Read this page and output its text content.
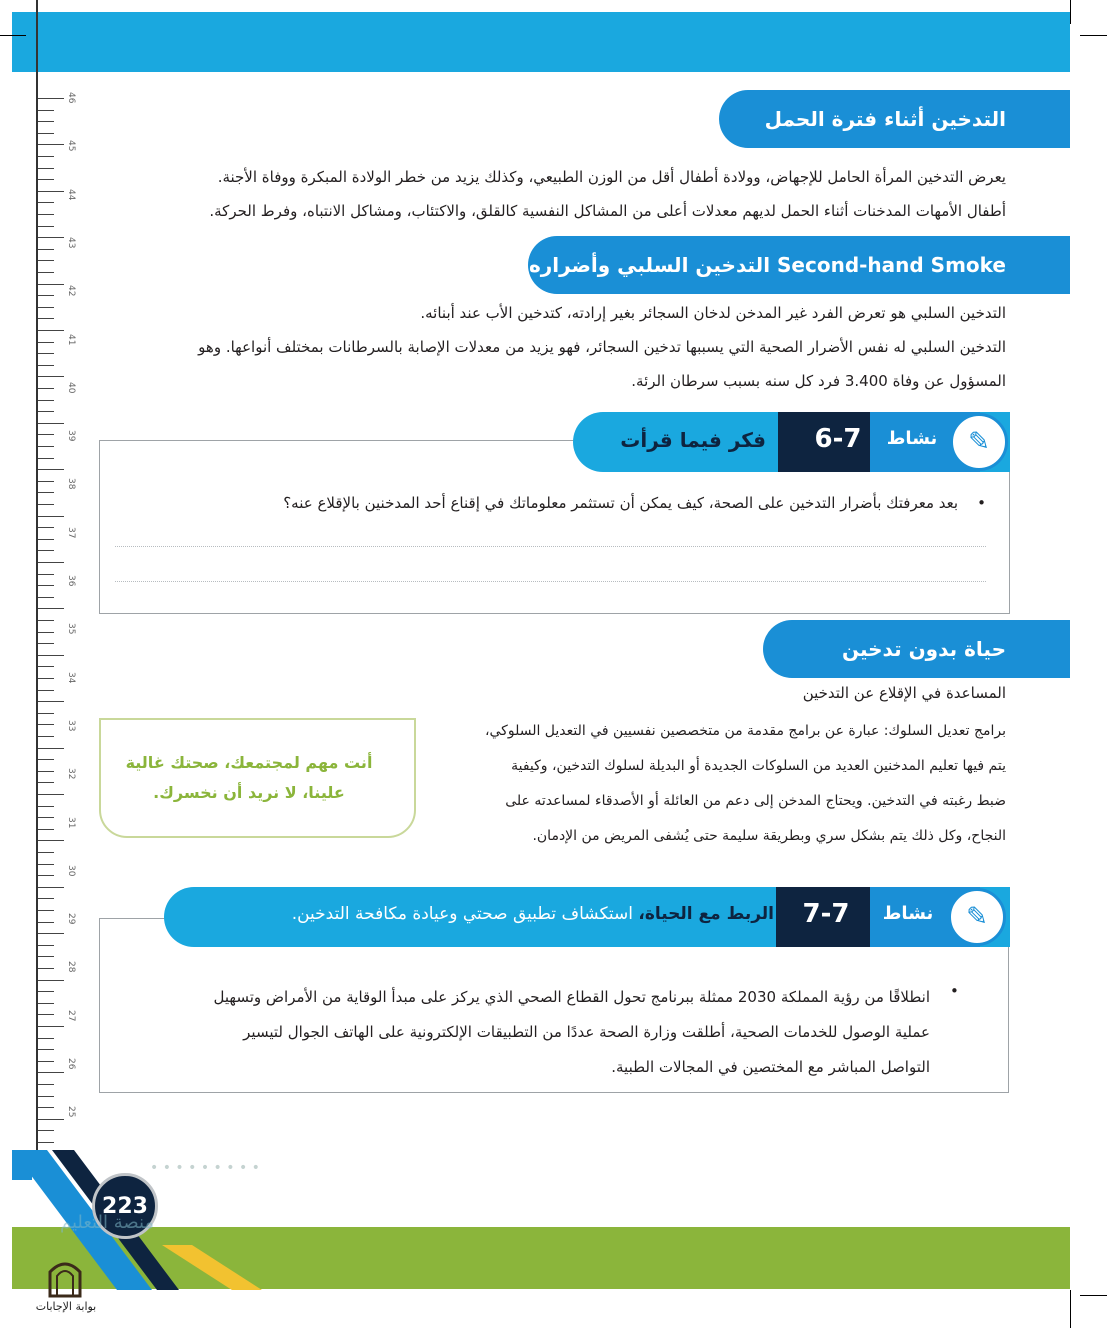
46
45
44
43
42
41
40
39
38
37
36
35
34
33
32
31
30
29
28
27
26
25
التدخين أثناء فترة الحمل
يعرض التدخين المرأة الحامل للإجهاض، وولادة أطفال أقل من الوزن الطبيعي، وكذلك يزيد من خطر الولادة المبكرة ووفاة الأجنة.
أطفال الأمهات المدخنات أثناء الحمل لديهم معدلات أعلى من المشاكل النفسية كالقلق، والاكتئاب، ومشاكل الانتباه، وفرط الحركة.
التدخين السلبي وأضراره Second-hand Smoke
التدخين السلبي هو تعرض الفرد غير المدخن لدخان السجائر بغير إرادته، كتدخين الأب عند أبنائه.
التدخين السلبي له نفس الأضرار الصحية التي يسببها تدخين السجائر، فهو يزيد من معدلات الإصابة بالسرطانات بمختلف أنواعها. وهو
المسؤول عن وفاة 3.400 فرد كل سنه بسبب سرطان الرئة.
✎
نشاط
6-7
فكر فيما قرأت
•    بعد معرفتك بأضرار التدخين على الصحة، كيف يمكن أن تستثمر معلوماتك في إقناع أحد المدخنين بالإقلاع عنه؟
حياة بدون تدخين
المساعدة في الإقلاع عن التدخين
برامج تعديل السلوك: عبارة عن برامج مقدمة من متخصصين نفسيين في التعديل السلوكي،
يتم فيها تعليم المدخنين العديد من السلوكات الجديدة أو البديلة لسلوك التدخين، وكيفية
ضبط رغبته في التدخين. ويحتاج المدخن إلى دعم من العائلة أو الأصدقاء لمساعدته على
النجاح، وكل ذلك يتم بشكل سري وبطريقة سليمة حتى يُشفى المريض من الإدمان.
أنت مهم لمجتمعك، صحتك غالية
علينا، لا نريد أن نخسرك.
✎
نشاط
7-7
الربط مع الحياة، استكشاف تطبيق صحتي وعيادة مكافحة التدخين.
انطلاقًا من رؤية المملكة 2030 ممثلة ببرنامج تحول القطاع الصحي الذي يركز على مبدأ الوقاية من الأمراض وتسهيل
عملية الوصول للخدمات الصحية، أطلقت وزارة الصحة عددًا من التطبيقات الإلكترونية على الهاتف الجوال لتيسير
التواصل المباشر مع المختصين في المجالات الطبية.
•
• • • • • • • • •
223
منصة التعليم
بوابة الإجابات
